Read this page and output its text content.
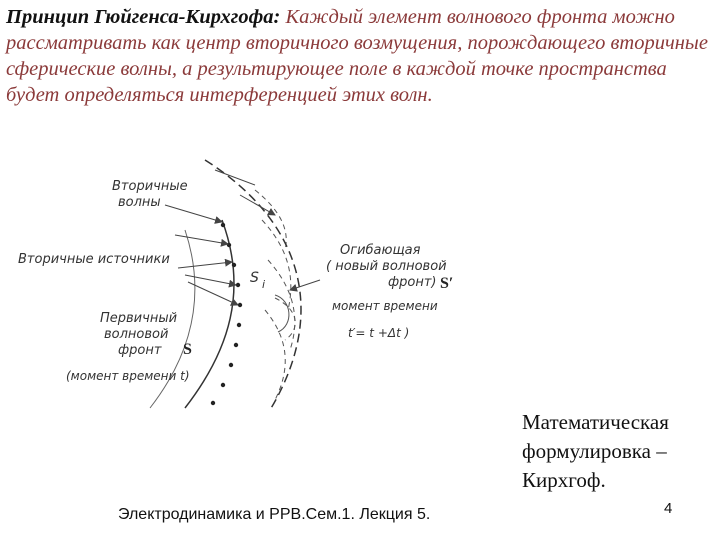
Принцип Гюйгенса-Кирхгофа: Каждый элемент волнового фронта можно рассматривать как центр вторичного возмущения, порождающего вторичные сферические волны, а результирующее поле в каждой точке пространства будет определяться интерференцией этих волн.
Вторичные
волны
Вторичные источники
S i
Огибающая
( новый волновой
фронт) S′
момент времени
t′= t +Δt )
Первичный
волновой
фронт S
(момент времени t)
Математическая формулировка – Кирхгоф.
Электродинамика и РРВ.Сем.1. Лекция 5.	4
